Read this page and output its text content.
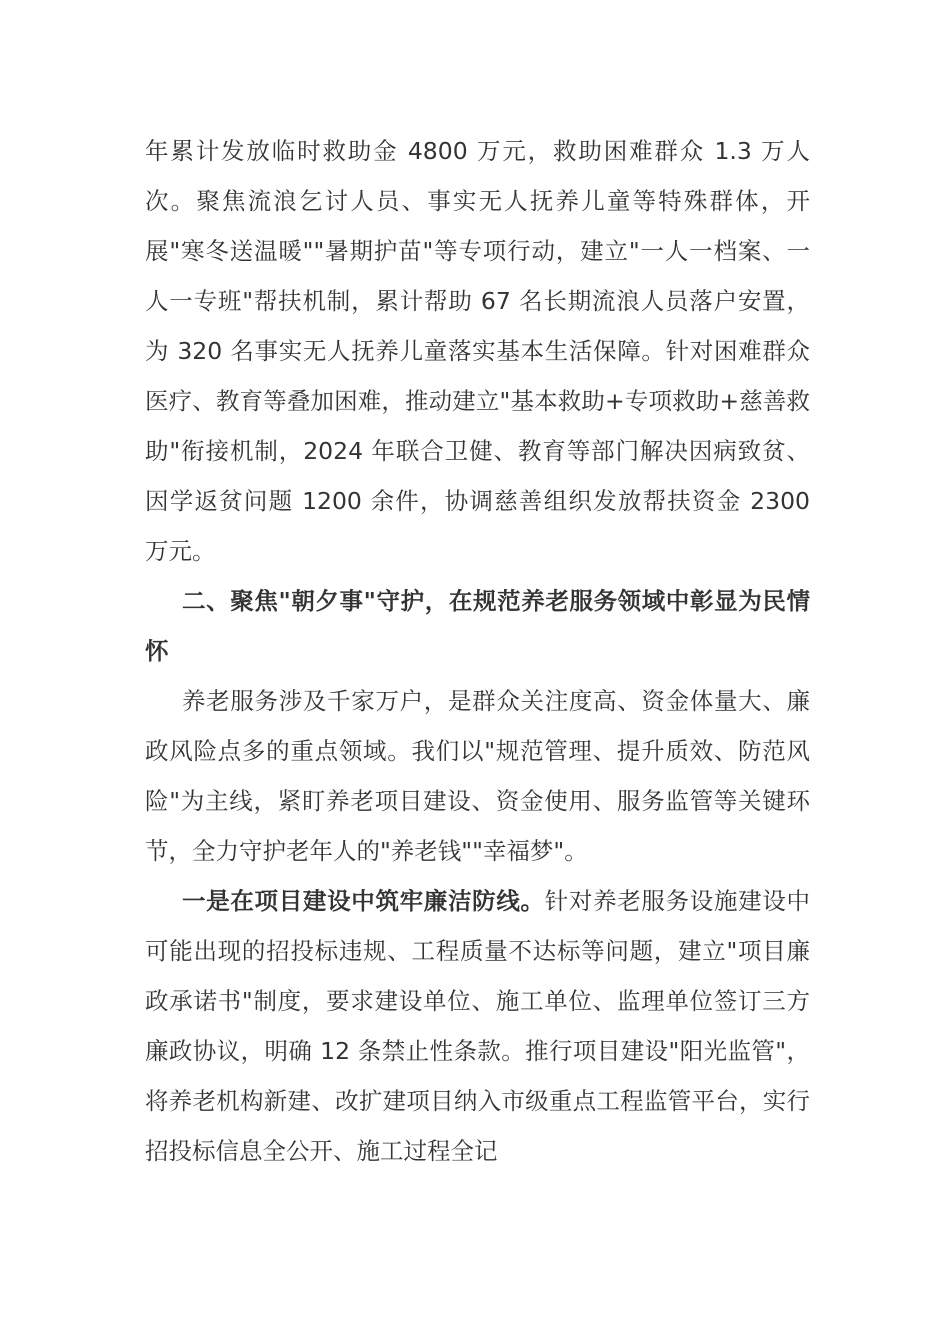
年累计发放临时救助金 4800 万元，救助困难群众 1.3 万人次。聚焦流浪乞讨人员、事实无人抚养儿童等特殊群体，开展"寒冬送温暖""暑期护苗"等专项行动，建立"一人一档案、一人一专班"帮扶机制，累计帮助 67 名长期流浪人员落户安置，为 320 名事实无人抚养儿童落实基本生活保障。针对困难群众医疗、教育等叠加困难，推动建立"基本救助+专项救助+慈善救助"衔接机制，2024 年联合卫健、教育等部门解决因病致贫、因学返贫问题 1200 余件，协调慈善组织发放帮扶资金 2300 万元。

二、聚焦"朝夕事"守护，在规范养老服务领域中彰显为民情怀

养老服务涉及千家万户，是群众关注度高、资金体量大、廉政风险点多的重点领域。我们以"规范管理、提升质效、防范风险"为主线，紧盯养老项目建设、资金使用、服务监管等关键环节，全力守护老年人的"养老钱""幸福梦"。

一是在项目建设中筑牢廉洁防线。针对养老服务设施建设中可能出现的招投标违规、工程质量不达标等问题，建立"项目廉政承诺书"制度，要求建设单位、施工单位、监理单位签订三方廉政协议，明确 12 条禁止性条款。推行项目建设"阳光监管"，将养老机构新建、改扩建项目纳入市级重点工程监管平台，实行招投标信息全公开、施工过程全记
